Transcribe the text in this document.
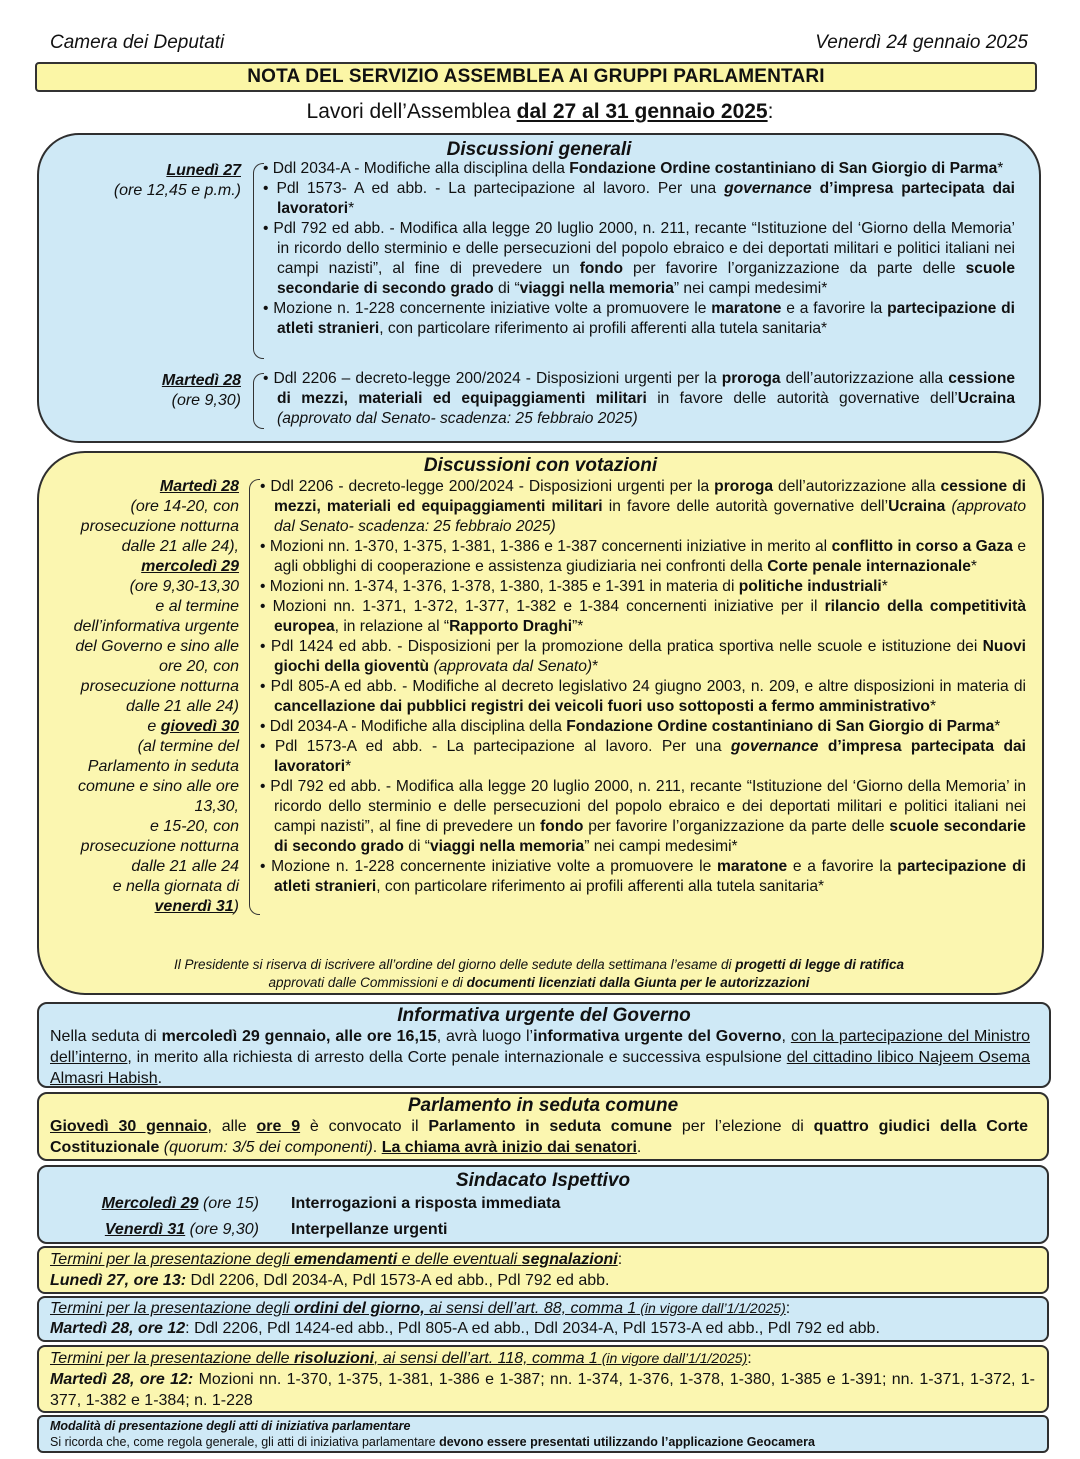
Camera dei Deputati	Venerdì 24 gennaio 2025
NOTA DEL SERVIZIO ASSEMBLEA AI GRUPPI PARLAMENTARI
Lavori dell’Assemblea dal 27 al 31 gennaio 2025:
Discussioni generali
Lunedì 27
(ore 12,45 e p.m.)
• Ddl 2034-A - Modifiche alla disciplina della Fondazione Ordine costantiniano di San Giorgio di Parma*
• Pdl 1573- A ed abb. - La partecipazione al lavoro. Per una governance d’impresa partecipata dai lavoratori*
• Pdl 792 ed abb. - Modifica alla legge 20 luglio 2000, n. 211, recante “Istituzione del ‘Giorno della Memoria’ in ricordo dello sterminio e delle persecuzioni del popolo ebraico e dei deportati militari e politici italiani nei campi nazisti”, al fine di prevedere un fondo per favorire l’organizzazione da parte delle scuole secondarie di secondo grado di “viaggi nella memoria” nei campi medesimi*
• Mozione n. 1-228 concernente iniziative volte a promuovere le maratone e a favorire la partecipazione di atleti stranieri, con particolare riferimento ai profili afferenti alla tutela sanitaria*
Martedì 28
(ore 9,30)
• Ddl 2206 – decreto-legge 200/2024 - Disposizioni urgenti per la proroga dell’autorizzazione alla cessione di mezzi, materiali ed equipaggiamenti militari in favore delle autorità governative dell’Ucraina (approvato dal Senato- scadenza: 25 febbraio 2025)
Discussioni con votazioni
Martedì 28
(ore 14-20, con
prosecuzione notturna
dalle 21 alle 24),
mercoledì 29
(ore 9,30-13,30
e al termine
dell’informativa urgente
del Governo e sino alle
ore 20, con
prosecuzione notturna
dalle 21 alle 24)
e giovedì 30
(al termine del
Parlamento in seduta
comune e sino alle ore
13,30,
e 15-20, con
prosecuzione notturna
dalle 21 alle 24
e nella giornata di
venerdì 31)
• Ddl 2206 - decreto-legge 200/2024 - Disposizioni urgenti per la proroga dell’autorizzazione alla cessione di mezzi, materiali ed equipaggiamenti militari in favore delle autorità governative dell’Ucraina (approvato dal Senato- scadenza: 25 febbraio 2025)
• Mozioni nn. 1-370, 1-375, 1-381, 1-386 e 1-387 concernenti iniziative in merito al conflitto in corso a Gaza e agli obblighi di cooperazione e assistenza giudiziaria nei confronti della Corte penale internazionale*
• Mozioni nn. 1-374, 1-376, 1-378, 1-380, 1-385 e 1-391 in materia di politiche industriali*
• Mozioni nn. 1-371, 1-372, 1-377, 1-382 e 1-384 concernenti iniziative per il rilancio della competitività europea, in relazione al “Rapporto Draghi”*
• Pdl 1424 ed abb. - Disposizioni per la promozione della pratica sportiva nelle scuole e istituzione dei Nuovi giochi della gioventù (approvata dal Senato)*
• Pdl 805-A ed abb. - Modifiche al decreto legislativo 24 giugno 2003, n. 209, e altre disposizioni in materia di cancellazione dai pubblici registri dei veicoli fuori uso sottoposti a fermo amministrativo*
• Ddl 2034-A - Modifiche alla disciplina della Fondazione Ordine costantiniano di San Giorgio di Parma*
• Pdl 1573-A ed abb. - La partecipazione al lavoro. Per una governance d’impresa partecipata dai lavoratori*
• Pdl 792 ed abb. - Modifica alla legge 20 luglio 2000, n. 211, recante “Istituzione del ‘Giorno della Memoria’ in ricordo dello sterminio e delle persecuzioni del popolo ebraico e dei deportati militari e politici italiani nei campi nazisti”, al fine di prevedere un fondo per favorire l’organizzazione da parte delle scuole secondarie di secondo grado di “viaggi nella memoria” nei campi medesimi*
• Mozione n. 1-228 concernente iniziative volte a promuovere le maratone e a favorire la partecipazione di atleti stranieri, con particolare riferimento ai profili afferenti alla tutela sanitaria*
Il Presidente si riserva di iscrivere all’ordine del giorno delle sedute della settimana l’esame di progetti di legge di ratifica
approvati dalle Commissioni e di documenti licenziati dalla Giunta per le autorizzazioni
Informativa urgente del Governo
Nella seduta di mercoledì 29 gennaio, alle ore 16,15, avrà luogo l’informativa urgente del Governo, con la partecipazione del Ministro dell’interno, in merito alla richiesta di arresto della Corte penale internazionale e successiva espulsione del cittadino libico Najeem Osema Almasri Habish.
Parlamento in seduta comune
Giovedì 30 gennaio, alle ore 9 è convocato il Parlamento in seduta comune per l’elezione di quattro giudici della Corte Costituzionale (quorum: 3/5 dei componenti). La chiama avrà inizio dai senatori.
Sindacato Ispettivo
Mercoledì 29 (ore 15) Interrogazioni a risposta immediata
Venerdì 31 (ore 9,30) Interpellanze urgenti
Termini per la presentazione degli emendamenti e delle eventuali segnalazioni:
Lunedì 27, ore 13: Ddl 2206, Ddl 2034-A, Pdl 1573-A ed abb., Pdl 792 ed abb.
Termini per la presentazione degli ordini del giorno, ai sensi dell’art. 88, comma 1 (in vigore dall’1/1/2025):
Martedì 28, ore 12: Ddl 2206, Pdl 1424-ed abb., Pdl 805-A ed abb., Ddl 2034-A, Pdl 1573-A ed abb., Pdl 792 ed abb.
Termini per la presentazione delle risoluzioni, ai sensi dell’art. 118, comma 1 (in vigore dall’1/1/2025):
Martedì 28, ore 12: Mozioni nn. 1-370, 1-375, 1-381, 1-386 e 1-387; nn. 1-374, 1-376, 1-378, 1-380, 1-385 e 1-391; nn. 1-371, 1-372, 1-377, 1-382 e 1-384; n. 1-228
Modalità di presentazione degli atti di iniziativa parlamentare
Si ricorda che, come regola generale, gli atti di iniziativa parlamentare devono essere presentati utilizzando l’applicazione Geocamera
